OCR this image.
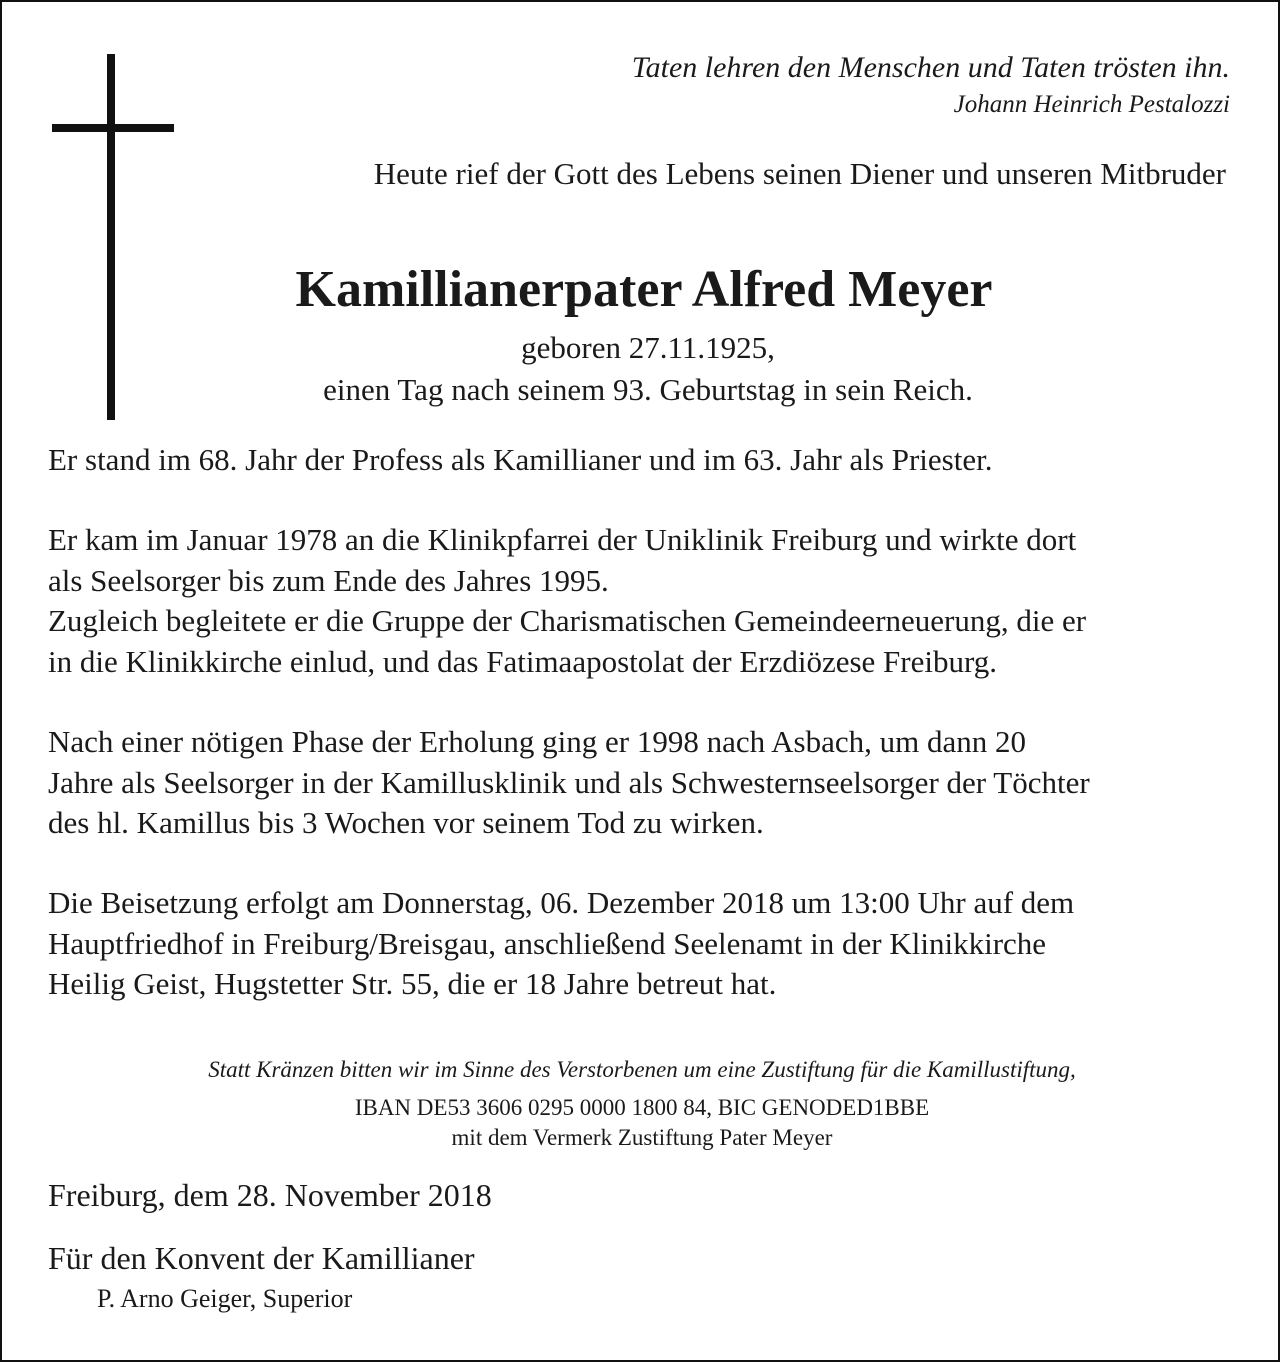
Taten lehren den Menschen und Taten trösten ihn.
Johann Heinrich Pestalozzi
Heute rief der Gott des Lebens seinen Diener und unseren Mitbruder
Kamillianerpater Alfred Meyer
geboren 27.11.1925,
einen Tag nach seinem 93. Geburtstag in sein Reich.
Er stand im 68. Jahr der Profess als Kamillianer und im 63. Jahr als Priester.
Er kam im Januar 1978 an die Klinikpfarrei der Uniklinik Freiburg und wirkte dort
als Seelsorger bis zum Ende des Jahres 1995.
Zugleich begleitete er die Gruppe der Charismatischen Gemeindeerneuerung, die er
in die Klinikkirche einlud, und das Fatimaapostolat der Erzdiözese Freiburg.
Nach einer nötigen Phase der Erholung ging er 1998 nach Asbach, um dann 20
Jahre als Seelsorger in der Kamillusklinik und als Schwesternseelsorger der Töchter
des hl. Kamillus bis 3 Wochen vor seinem Tod zu wirken.
Die Beisetzung erfolgt am Donnerstag, 06. Dezember 2018 um 13:00 Uhr auf dem
Hauptfriedhof in Freiburg/Breisgau, anschließend Seelenamt in der Klinikkirche
Heilig Geist, Hugstetter Str. 55, die er 18 Jahre betreut hat.
Statt Kränzen bitten wir im Sinne des Verstorbenen um eine Zustiftung für die Kamillustiftung,
IBAN DE53 3606 0295 0000 1800 84, BIC GENODED1BBE
mit dem Vermerk Zustiftung Pater Meyer
Freiburg, dem 28. November 2018
Für den Konvent der Kamillianer
P. Arno Geiger, Superior
